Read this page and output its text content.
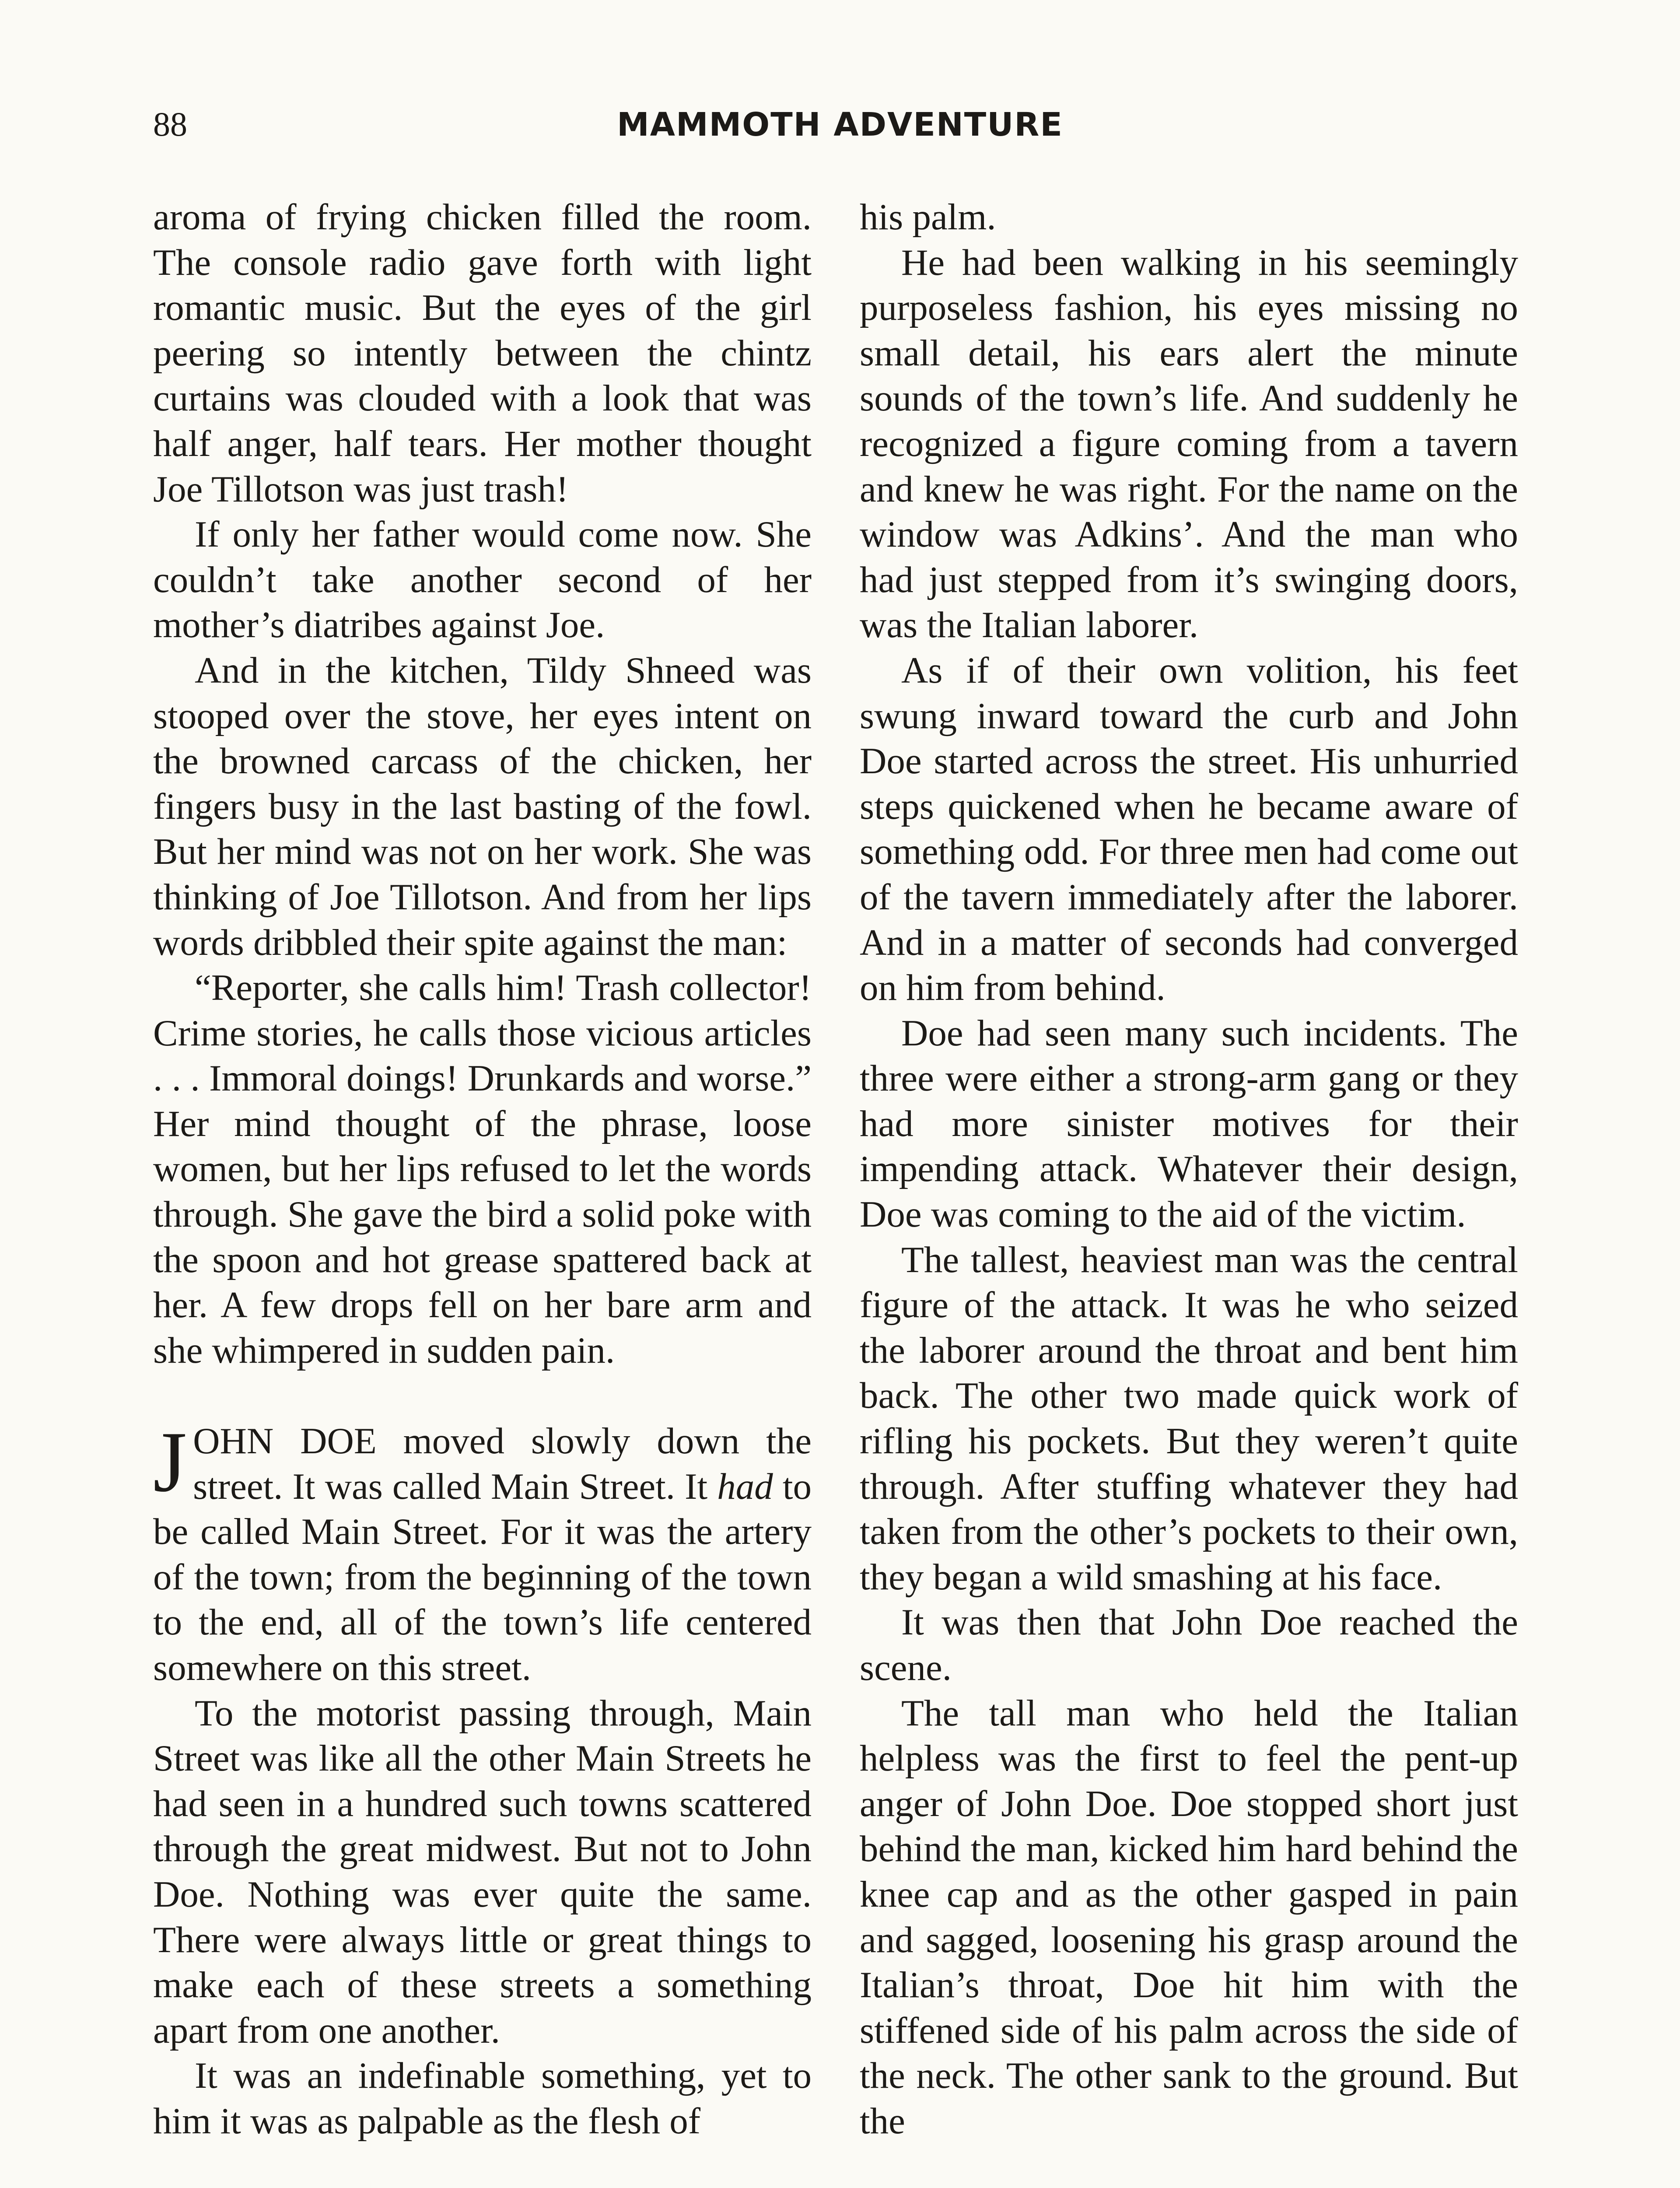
88	MAMMOTH ADVENTURE

aroma of frying chicken filled the room. The console radio gave forth with light romantic music. But the eyes of the girl peering so intently between the chintz curtains was clouded with a look that was half anger, half tears. Her mother thought Joe Tillotson was just trash!

If only her father would come now. She couldn’t take another second of her mother’s diatribes against Joe.

And in the kitchen, Tildy Shneed was stooped over the stove, her eyes intent on the browned carcass of the chicken, her fingers busy in the last basting of the fowl. But her mind was not on her work. She was thinking of Joe Tillotson. And from her lips words dribbled their spite against the man:

“Reporter, she calls him! Trash collector! Crime stories, he calls those vicious articles . . . Immoral doings! Drunkards and worse.” Her mind thought of the phrase, loose women, but her lips refused to let the words through. She gave the bird a solid poke with the spoon and hot grease spattered back at her. A few drops fell on her bare arm and she whimpered in sudden pain.

JOHN DOE moved slowly down the street. It was called Main Street. It had to be called Main Street. For it was the artery of the town; from the beginning of the town to the end, all of the town’s life centered somewhere on this street.

To the motorist passing through, Main Street was like all the other Main Streets he had seen in a hundred such towns scattered through the great midwest. But not to John Doe. Nothing was ever quite the same. There were always little or great things to make each of these streets a something apart from one another.

It was an indefinable something, yet to him it was as palpable as the flesh of

his palm.

He had been walking in his seemingly purposeless fashion, his eyes missing no small detail, his ears alert the minute sounds of the town’s life. And suddenly he recognized a figure coming from a tavern and knew he was right. For the name on the window was Adkins’. And the man who had just stepped from it’s swinging doors, was the Italian laborer.

As if of their own volition, his feet swung inward toward the curb and John Doe started across the street. His unhurried steps quickened when he became aware of something odd. For three men had come out of the tavern immediately after the laborer. And in a matter of seconds had converged on him from behind.

Doe had seen many such incidents. The three were either a strong-arm gang or they had more sinister motives for their impending attack. Whatever their design, Doe was coming to the aid of the victim.

The tallest, heaviest man was the central figure of the attack. It was he who seized the laborer around the throat and bent him back. The other two made quick work of rifling his pockets. But they weren’t quite through. After stuffing whatever they had taken from the other’s pockets to their own, they began a wild smashing at his face.

It was then that John Doe reached the scene.

The tall man who held the Italian helpless was the first to feel the pent-up anger of John Doe. Doe stopped short just behind the man, kicked him hard behind the knee cap and as the other gasped in pain and sagged, loosening his grasp around the Italian’s throat, Doe hit him with the stiffened side of his palm across the side of the neck. The other sank to the ground. But the
